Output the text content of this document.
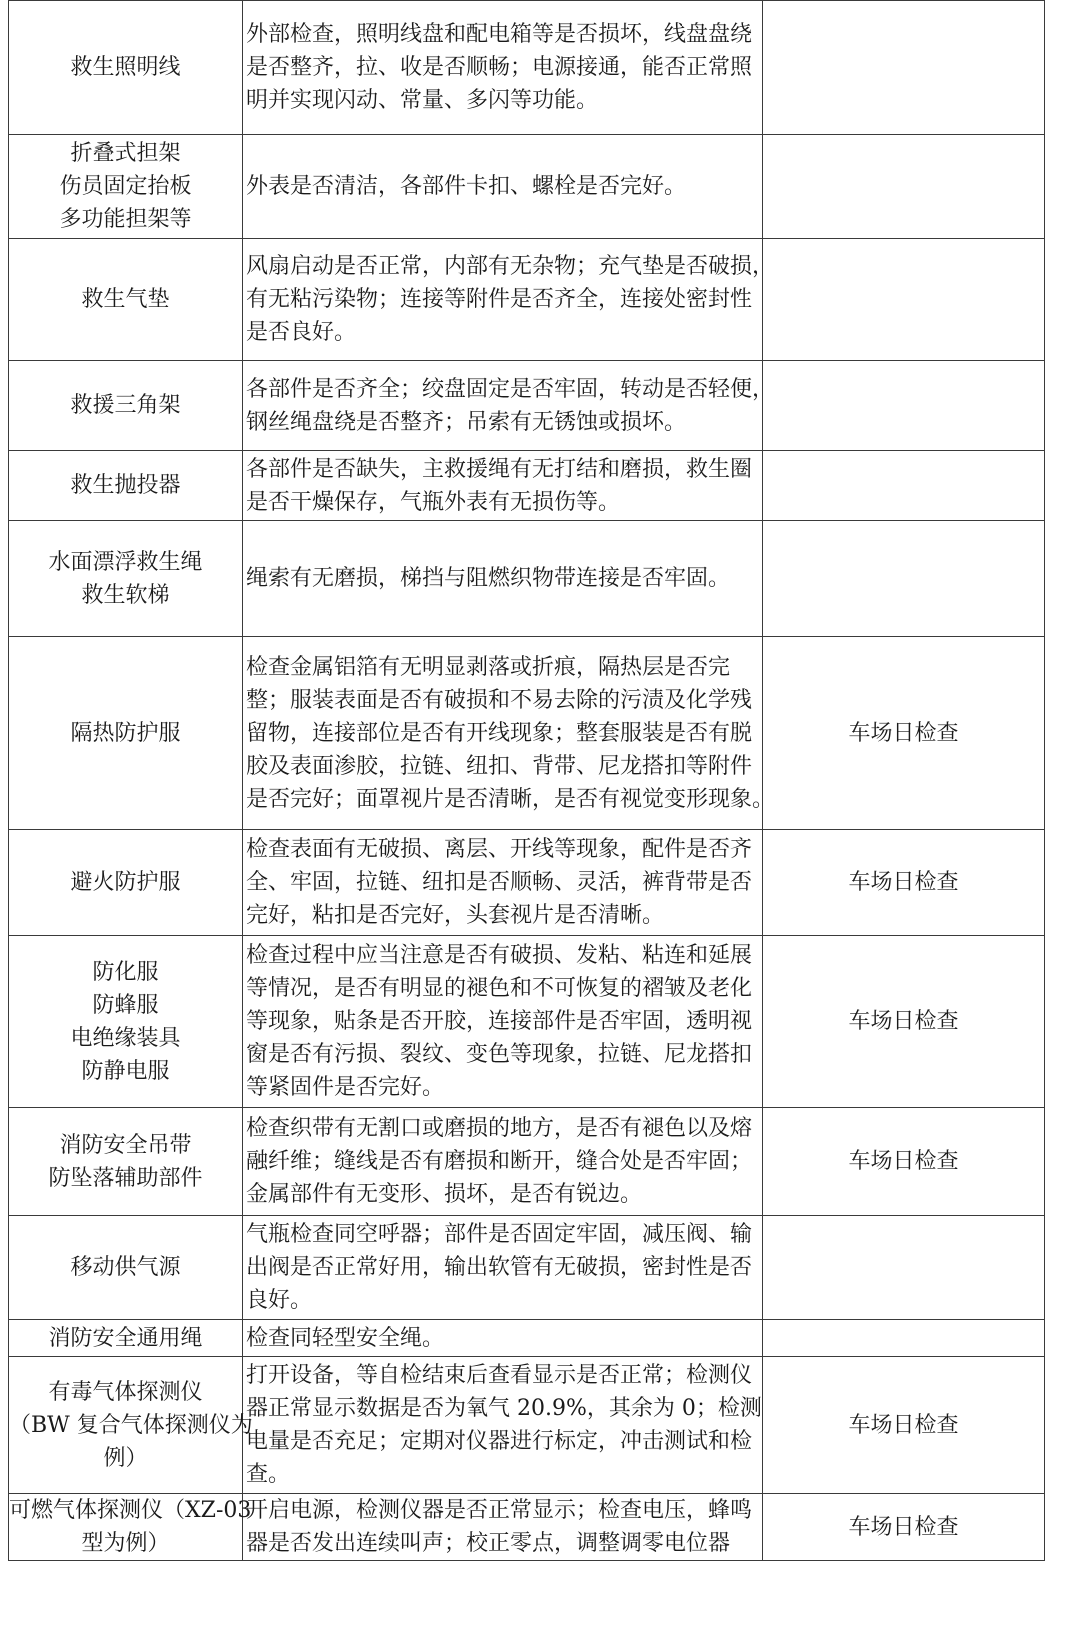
救生照明线	外部检查，照明线盘和配电箱等是否损坏，线盘盘绕
是否整齐，拉、收是否顺畅；电源接通，能否正常照
明并实现闪动、常量、多闪等功能。	

折叠式担架
伤员固定抬板
多功能担架等	外表是否清洁，各部件卡扣、螺栓是否完好。	

救生气垫	风扇启动是否正常，内部有无杂物；充气垫是否破损，
有无粘污染物；连接等附件是否齐全，连接处密封性
是否良好。	

救援三角架	各部件是否齐全；绞盘固定是否牢固，转动是否轻便，
钢丝绳盘绕是否整齐；吊索有无锈蚀或损坏。	

救生抛投器	各部件是否缺失，主救援绳有无打结和磨损，救生圈
是否干燥保存，气瓶外表有无损伤等。	

水面漂浮救生绳
救生软梯	绳索有无磨损，梯挡与阻燃织物带连接是否牢固。	

隔热防护服	检查金属铝箔有无明显剥落或折痕，隔热层是否完
整；服装表面是否有破损和不易去除的污渍及化学残
留物，连接部位是否有开线现象；整套服装是否有脱
胶及表面渗胶，拉链、纽扣、背带、尼龙搭扣等附件
是否完好；面罩视片是否清晰，是否有视觉变形现象。	车场日检查

避火防护服	检查表面有无破损、离层、开线等现象，配件是否齐
全、牢固，拉链、纽扣是否顺畅、灵活，裤背带是否
完好，粘扣是否完好，头套视片是否清晰。	车场日检查

防化服
防蜂服
电绝缘装具
防静电服	检查过程中应当注意是否有破损、发粘、粘连和延展
等情况，是否有明显的褪色和不可恢复的褶皱及老化
等现象，贴条是否开胶，连接部件是否牢固，透明视
窗是否有污损、裂纹、变色等现象，拉链、尼龙搭扣
等紧固件是否完好。	车场日检查

消防安全吊带
防坠落辅助部件	检查织带有无割口或磨损的地方，是否有褪色以及熔
融纤维；缝线是否有磨损和断开，缝合处是否牢固；
金属部件有无变形、损坏，是否有锐边。	车场日检查

移动供气源	气瓶检查同空呼器；部件是否固定牢固，减压阀、输
出阀是否正常好用，输出软管有无破损，密封性是否
良好。	

消防安全通用绳	检查同轻型安全绳。	

有毒气体探测仪
（BW 复合气体探测仪为
例）	打开设备，等自检结束后查看显示是否正常；检测仪
器正常显示数据是否为氧气 20.9%，其余为 0；检测
电量是否充足；定期对仪器进行标定，冲击测试和检
查。	车场日检查

可燃气体探测仪（XZ-03
型为例）	开启电源，检测仪器是否正常显示；检查电压，蜂鸣
器是否发出连续叫声；校正零点，调整调零电位器	车场日检查
